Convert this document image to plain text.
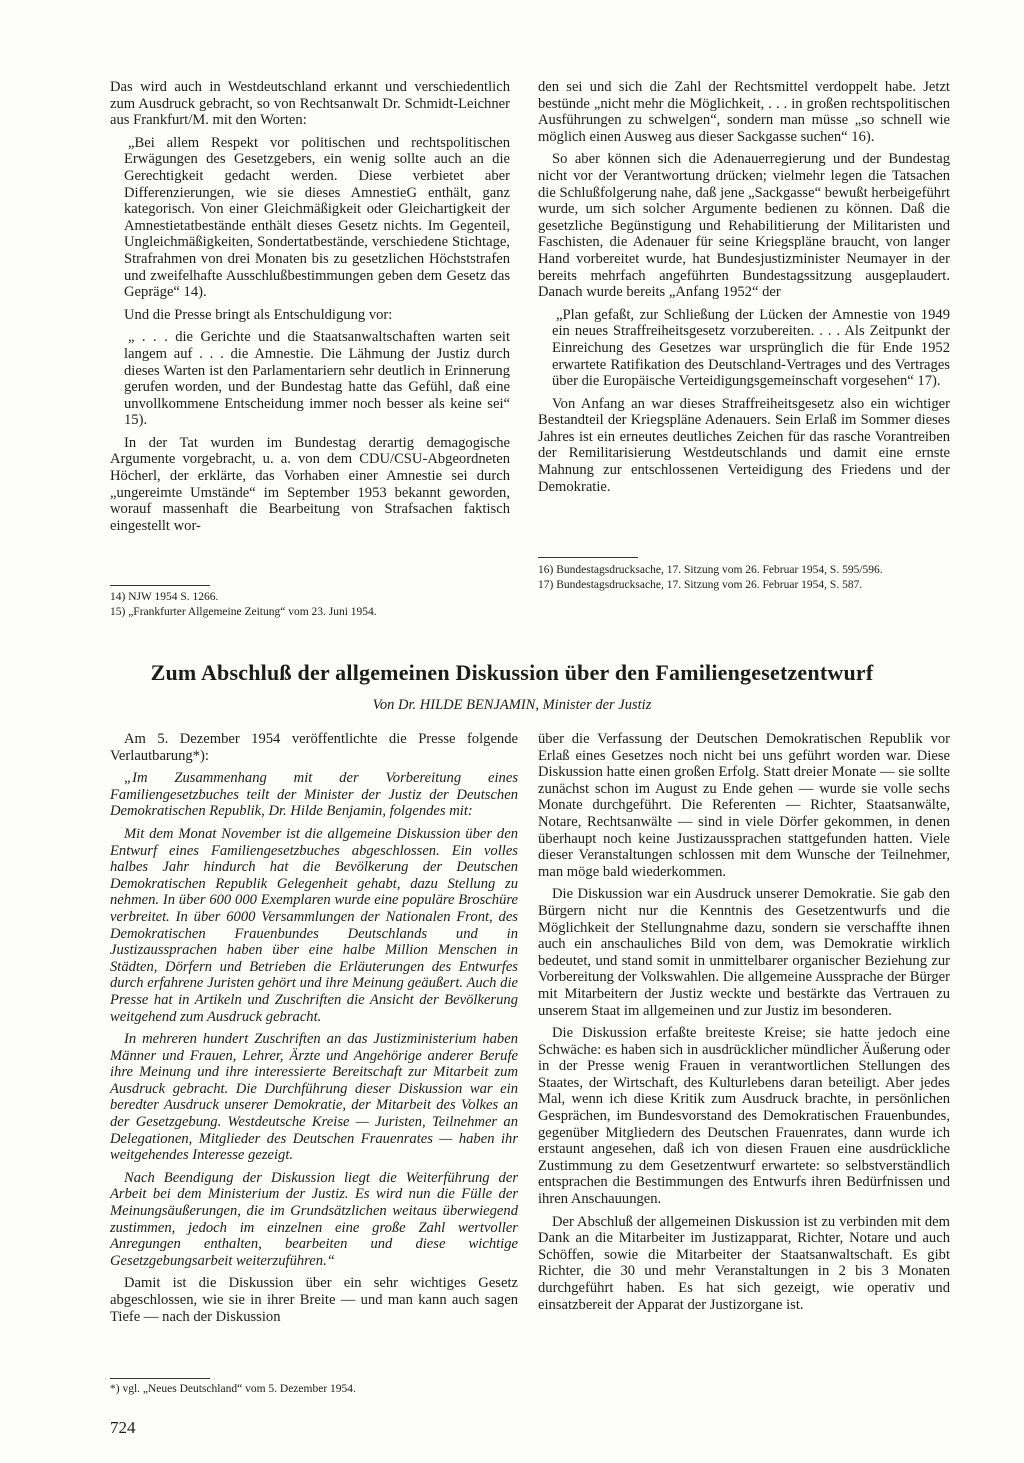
Das wird auch in Westdeutschland erkannt und verschiedentlich zum Ausdruck gebracht, so von Rechtsanwalt Dr. Schmidt-Leichner aus Frankfurt/M. mit den Worten:

„Bei allem Respekt vor politischen und rechtspolitischen Erwägungen des Gesetzgebers, ein wenig sollte auch an die Gerechtigkeit gedacht werden. Diese verbietet aber Differenzierungen, wie sie dieses AmnestieG enthält, ganz kategorisch. Von einer Gleichmäßigkeit oder Gleichartigkeit der Amnestietatbestände enthält dieses Gesetz nichts. Im Gegenteil, Ungleichmäßigkeiten, Sondertatbestände, verschiedene Stichtage, Strafrahmen von drei Monaten bis zu gesetzlichen Höchststrafen und zweifelhafte Ausschlußbestimmungen geben dem Gesetz das Gepräge“ 14).

Und die Presse bringt als Entschuldigung vor:

„ . . . die Gerichte und die Staatsanwaltschaften warten seit langem auf . . . die Amnestie. Die Lähmung der Justiz durch dieses Warten ist den Parlamentariern sehr deutlich in Erinnerung gerufen worden, und der Bundestag hatte das Gefühl, daß eine unvollkommene Entscheidung immer noch besser als keine sei“ 15).

In der Tat wurden im Bundestag derartig demagogische Argumente vorgebracht, u. a. von dem CDU/CSU-Abgeordneten Höcherl, der erklärte, das Vorhaben einer Amnestie sei durch „ungereimte Umstände“ im September 1953 bekannt geworden, worauf massenhaft die Bearbeitung von Strafsachen faktisch eingestellt wor-

14) NJW 1954 S. 1266.
15) „Frankfurter Allgemeine Zeitung“ vom 23. Juni 1954.

den sei und sich die Zahl der Rechtsmittel verdoppelt habe. Jetzt bestünde „nicht mehr die Möglichkeit, . . . in großen rechtspolitischen Ausführungen zu schwelgen“, sondern man müsse „so schnell wie möglich einen Ausweg aus dieser Sackgasse suchen“ 16).

So aber können sich die Adenauerregierung und der Bundestag nicht vor der Verantwortung drücken; vielmehr legen die Tatsachen die Schlußfolgerung nahe, daß jene „Sackgasse“ bewußt herbeigeführt wurde, um sich solcher Argumente bedienen zu können. Daß die gesetzliche Begünstigung und Rehabilitierung der Militaristen und Faschisten, die Adenauer für seine Kriegspläne braucht, von langer Hand vorbereitet wurde, hat Bundesjustizminister Neumayer in der bereits mehrfach angeführten Bundestagssitzung ausgeplaudert. Danach wurde bereits „Anfang 1952“ der

„Plan gefaßt, zur Schließung der Lücken der Amnestie von 1949 ein neues Straffreiheitsgesetz vorzubereiten. . . . Als Zeitpunkt der Einreichung des Gesetzes war ursprünglich die für Ende 1952 erwartete Ratifikation des Deutschland-Vertrages und des Vertrages über die Europäische Verteidigungsgemeinschaft vorgesehen“ 17).

Von Anfang an war dieses Straffreiheitsgesetz also ein wichtiger Bestandteil der Kriegspläne Adenauers. Sein Erlaß im Sommer dieses Jahres ist ein erneutes deutliches Zeichen für das rasche Vorantreiben der Remilitarisierung Westdeutschlands und damit eine ernste Mahnung zur entschlossenen Verteidigung des Friedens und der Demokratie.

16) Bundestagsdrucksache, 17. Sitzung vom 26. Februar 1954, S. 595/596.
17) Bundestagsdrucksache, 17. Sitzung vom 26. Februar 1954, S. 587.
Zum Abschluß der allgemeinen Diskussion über den Familiengesetzentwurf
Von Dr. HILDE BENJAMIN, Minister der Justiz

Am 5. Dezember 1954 veröffentlichte die Presse folgende Verlautbarung*):

„Im Zusammenhang mit der Vorbereitung eines Familiengesetzbuches teilt der Minister der Justiz der Deutschen Demokratischen Republik, Dr. Hilde Benjamin, folgendes mit:

Mit dem Monat November ist die allgemeine Diskussion über den Entwurf eines Familiengesetzbuches abgeschlossen. Ein volles halbes Jahr hindurch hat die Bevölkerung der Deutschen Demokratischen Republik Gelegenheit gehabt, dazu Stellung zu nehmen. In über 600 000 Exemplaren wurde eine populäre Broschüre verbreitet. In über 6000 Versammlungen der Nationalen Front, des Demokratischen Frauenbundes Deutschlands und in Justizaussprachen haben über eine halbe Million Menschen in Städten, Dörfern und Betrieben die Erläuterungen des Entwurfes durch erfahrene Juristen gehört und ihre Meinung geäußert. Auch die Presse hat in Artikeln und Zuschriften die Ansicht der Bevölkerung weitgehend zum Ausdruck gebracht.

In mehreren hundert Zuschriften an das Justizministerium haben Männer und Frauen, Lehrer, Ärzte und Angehörige anderer Berufe ihre Meinung und ihre interessierte Bereitschaft zur Mitarbeit zum Ausdruck gebracht. Die Durchführung dieser Diskussion war ein beredter Ausdruck unserer Demokratie, der Mitarbeit des Volkes an der Gesetzgebung. Westdeutsche Kreise — Juristen, Teilnehmer an Delegationen, Mitglieder des Deutschen Frauenrates — haben ihr weitgehendes Interesse gezeigt.

Nach Beendigung der Diskussion liegt die Weiterführung der Arbeit bei dem Ministerium der Justiz. Es wird nun die Fülle der Meinungsäußerungen, die im Grundsätzlichen weitaus überwiegend zustimmen, jedoch im einzelnen eine große Zahl wertvoller Anregungen enthalten, bearbeiten und diese wichtige Gesetzgebungsarbeit weiterzuführen.“

Damit ist die Diskussion über ein sehr wichtiges Gesetz abgeschlossen, wie sie in ihrer Breite — und man kann auch sagen Tiefe — nach der Diskussion

*) vgl. „Neues Deutschland“ vom 5. Dezember 1954.

über die Verfassung der Deutschen Demokratischen Republik vor Erlaß eines Gesetzes noch nicht bei uns geführt worden war. Diese Diskussion hatte einen großen Erfolg. Statt dreier Monate — sie sollte zunächst schon im August zu Ende gehen — wurde sie volle sechs Monate durchgeführt. Die Referenten — Richter, Staatsanwälte, Notare, Rechtsanwälte — sind in viele Dörfer gekommen, in denen überhaupt noch keine Justizaussprachen stattgefunden hatten. Viele dieser Veranstaltungen schlossen mit dem Wunsche der Teilnehmer, man möge bald wiederkommen.

Die Diskussion war ein Ausdruck unserer Demokratie. Sie gab den Bürgern nicht nur die Kenntnis des Gesetzentwurfs und die Möglichkeit der Stellungnahme dazu, sondern sie verschaffte ihnen auch ein anschauliches Bild von dem, was Demokratie wirklich bedeutet, und stand somit in unmittelbarer organischer Beziehung zur Vorbereitung der Volkswahlen. Die allgemeine Aussprache der Bürger mit Mitarbeitern der Justiz weckte und bestärkte das Vertrauen zu unserem Staat im allgemeinen und zur Justiz im besonderen.

Die Diskussion erfaßte breiteste Kreise; sie hatte jedoch eine Schwäche: es haben sich in ausdrücklicher mündlicher Äußerung oder in der Presse wenig Frauen in verantwortlichen Stellungen des Staates, der Wirtschaft, des Kulturlebens daran beteiligt. Aber jedes Mal, wenn ich diese Kritik zum Ausdruck brachte, in persönlichen Gesprächen, im Bundesvorstand des Demokratischen Frauenbundes, gegenüber Mitgliedern des Deutschen Frauenrates, dann wurde ich erstaunt angesehen, daß ich von diesen Frauen eine ausdrückliche Zustimmung zu dem Gesetzentwurf erwartete: so selbstverständlich entsprachen die Bestimmungen des Entwurfs ihren Bedürfnissen und ihren Anschauungen.

Der Abschluß der allgemeinen Diskussion ist zu verbinden mit dem Dank an die Mitarbeiter im Justizapparat, Richter, Notare und auch Schöffen, sowie die Mitarbeiter der Staatsanwaltschaft. Es gibt Richter, die 30 und mehr Veranstaltungen in 2 bis 3 Monaten durchgeführt haben. Es hat sich gezeigt, wie operativ und einsatzbereit der Apparat der Justizorgane ist.

724
